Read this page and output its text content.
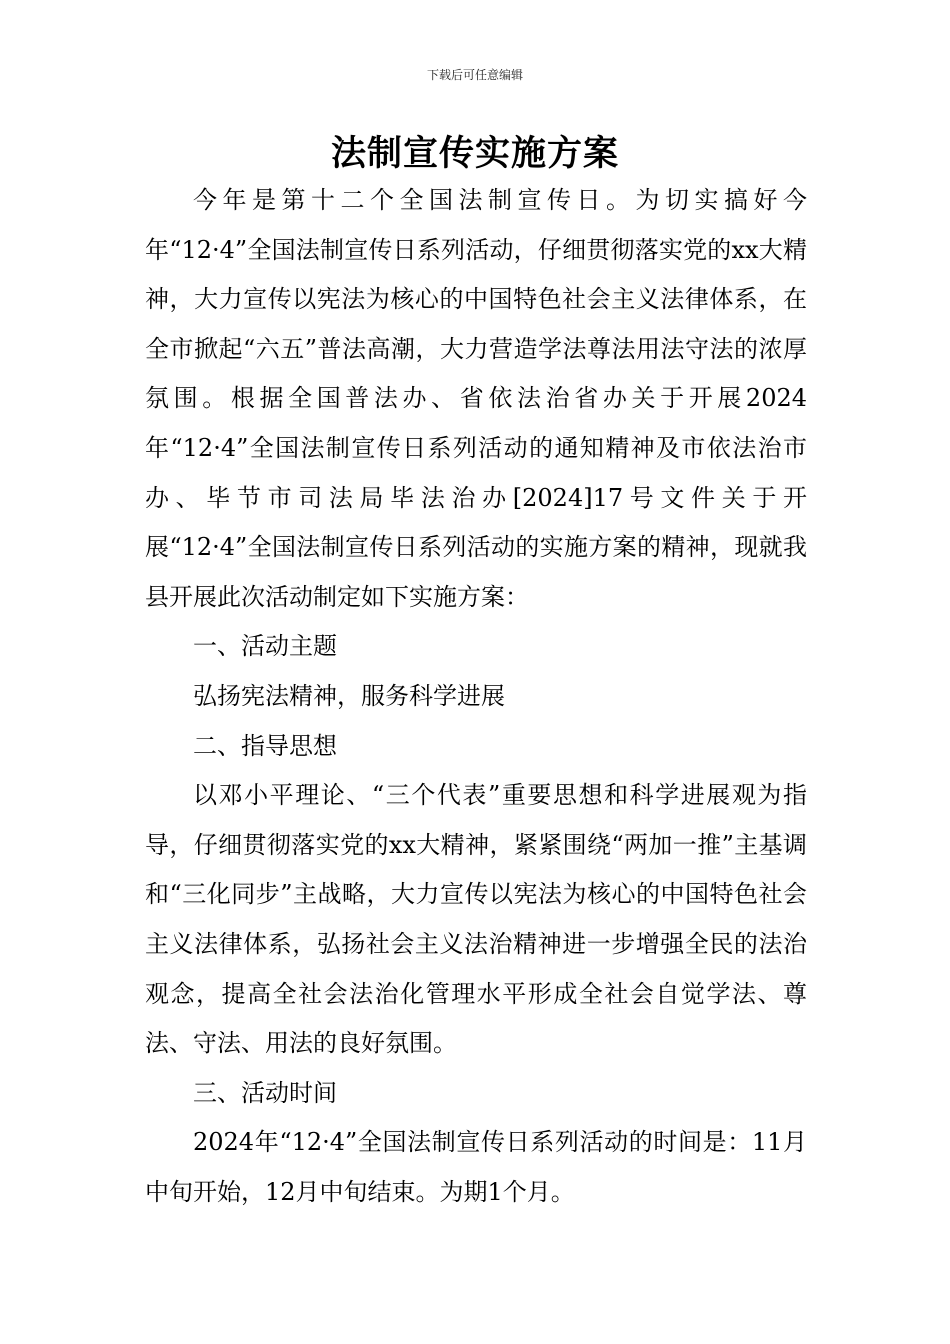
下载后可任意编辑
法制宣传实施方案

今年是第十二个全国法制宣传日。为切实搞好今年“12·4”全国法制宣传日系列活动，仔细贯彻落实党的xx大精神，大力宣传以宪法为核心的中国特色社会主义法律体系，在全市掀起“六五”普法高潮，大力营造学法尊法用法守法的浓厚氛围。根据全国普法办、省依法治省办关于开展2024年“12·4”全国法制宣传日系列活动的通知精神及市依法治市办、毕节市司法局毕法治办[2024]17号文件关于开展“12·4”全国法制宣传日系列活动的实施方案的精神，现就我县开展此次活动制定如下实施方案：

一、活动主题

弘扬宪法精神，服务科学进展

二、指导思想

以邓小平理论、“三个代表”重要思想和科学进展观为指导，仔细贯彻落实党的xx大精神，紧紧围绕“两加一推”主基调和“三化同步”主战略，大力宣传以宪法为核心的中国特色社会主义法律体系，弘扬社会主义法治精神进一步增强全民的法治观念，提高全社会法治化管理水平形成全社会自觉学法、尊法、守法、用法的良好氛围。

三、活动时间

2024年“12·4”全国法制宣传日系列活动的时间是：11月中旬开始，12月中旬结束。为期1个月。
